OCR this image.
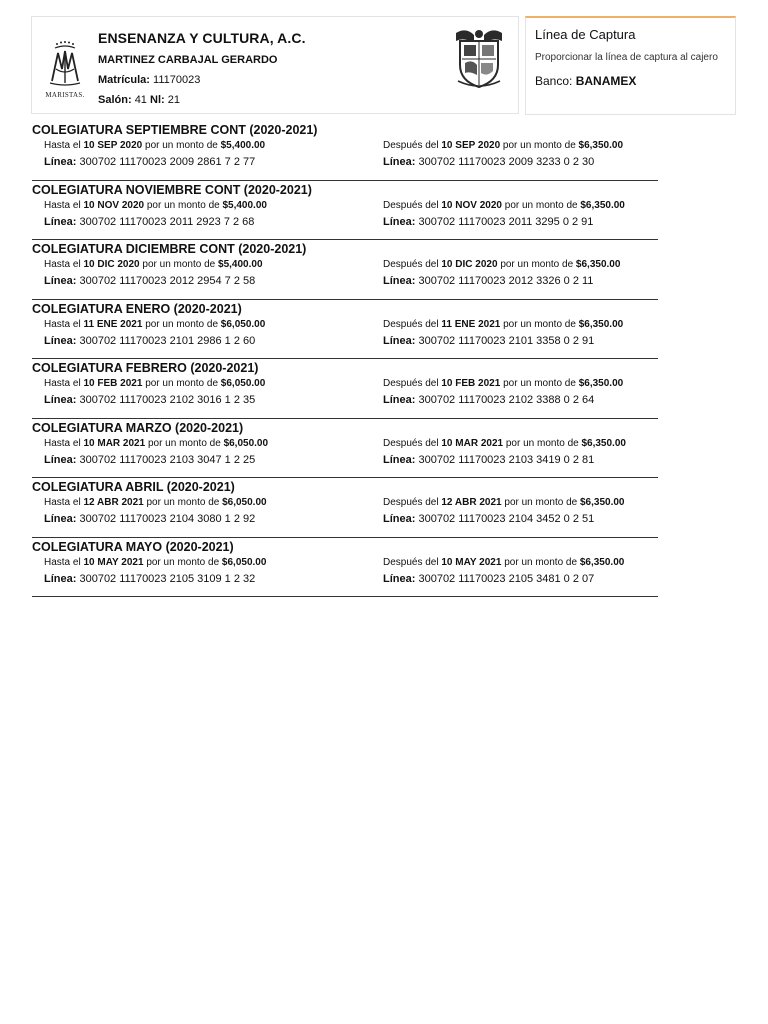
MARISTAS.
ENSENANZA Y CULTURA, A.C.
MARTINEZ CARBAJAL GERARDO
Matrícula: 11170023
Salón: 41 Nl: 21
Línea de Captura
Proporcionar la línea de captura al cajero
Banco: BANAMEX
COLEGIATURA SEPTIEMBRE CONT (2020-2021)
Hasta el 10 SEP 2020 por un monto de $5,400.00
Línea: 300702 11170023 2009 2861 7 2 77
Después del 10 SEP 2020 por un monto de $6,350.00
Línea: 300702 11170023 2009 3233 0 2 30
COLEGIATURA NOVIEMBRE CONT (2020-2021)
Hasta el 10 NOV 2020 por un monto de $5,400.00
Línea: 300702 11170023 2011 2923 7 2 68
Después del 10 NOV 2020 por un monto de $6,350.00
Línea: 300702 11170023 2011 3295 0 2 91
COLEGIATURA DICIEMBRE CONT (2020-2021)
Hasta el 10 DIC 2020 por un monto de $5,400.00
Línea: 300702 11170023 2012 2954 7 2 58
Después del 10 DIC 2020 por un monto de $6,350.00
Línea: 300702 11170023 2012 3326 0 2 11
COLEGIATURA ENERO (2020-2021)
Hasta el 11 ENE 2021 por un monto de $6,050.00
Línea: 300702 11170023 2101 2986 1 2 60
Después del 11 ENE 2021 por un monto de $6,350.00
Línea: 300702 11170023 2101 3358 0 2 91
COLEGIATURA FEBRERO (2020-2021)
Hasta el 10 FEB 2021 por un monto de $6,050.00
Línea: 300702 11170023 2102 3016 1 2 35
Después del 10 FEB 2021 por un monto de $6,350.00
Línea: 300702 11170023 2102 3388 0 2 64
COLEGIATURA MARZO (2020-2021)
Hasta el 10 MAR 2021 por un monto de $6,050.00
Línea: 300702 11170023 2103 3047 1 2 25
Después del 10 MAR 2021 por un monto de $6,350.00
Línea: 300702 11170023 2103 3419 0 2 81
COLEGIATURA ABRIL (2020-2021)
Hasta el 12 ABR 2021 por un monto de $6,050.00
Línea: 300702 11170023 2104 3080 1 2 92
Después del 12 ABR 2021 por un monto de $6,350.00
Línea: 300702 11170023 2104 3452 0 2 51
COLEGIATURA MAYO (2020-2021)
Hasta el 10 MAY 2021 por un monto de $6,050.00
Línea: 300702 11170023 2105 3109 1 2 32
Después del 10 MAY 2021 por un monto de $6,350.00
Línea: 300702 11170023 2105 3481 0 2 07
